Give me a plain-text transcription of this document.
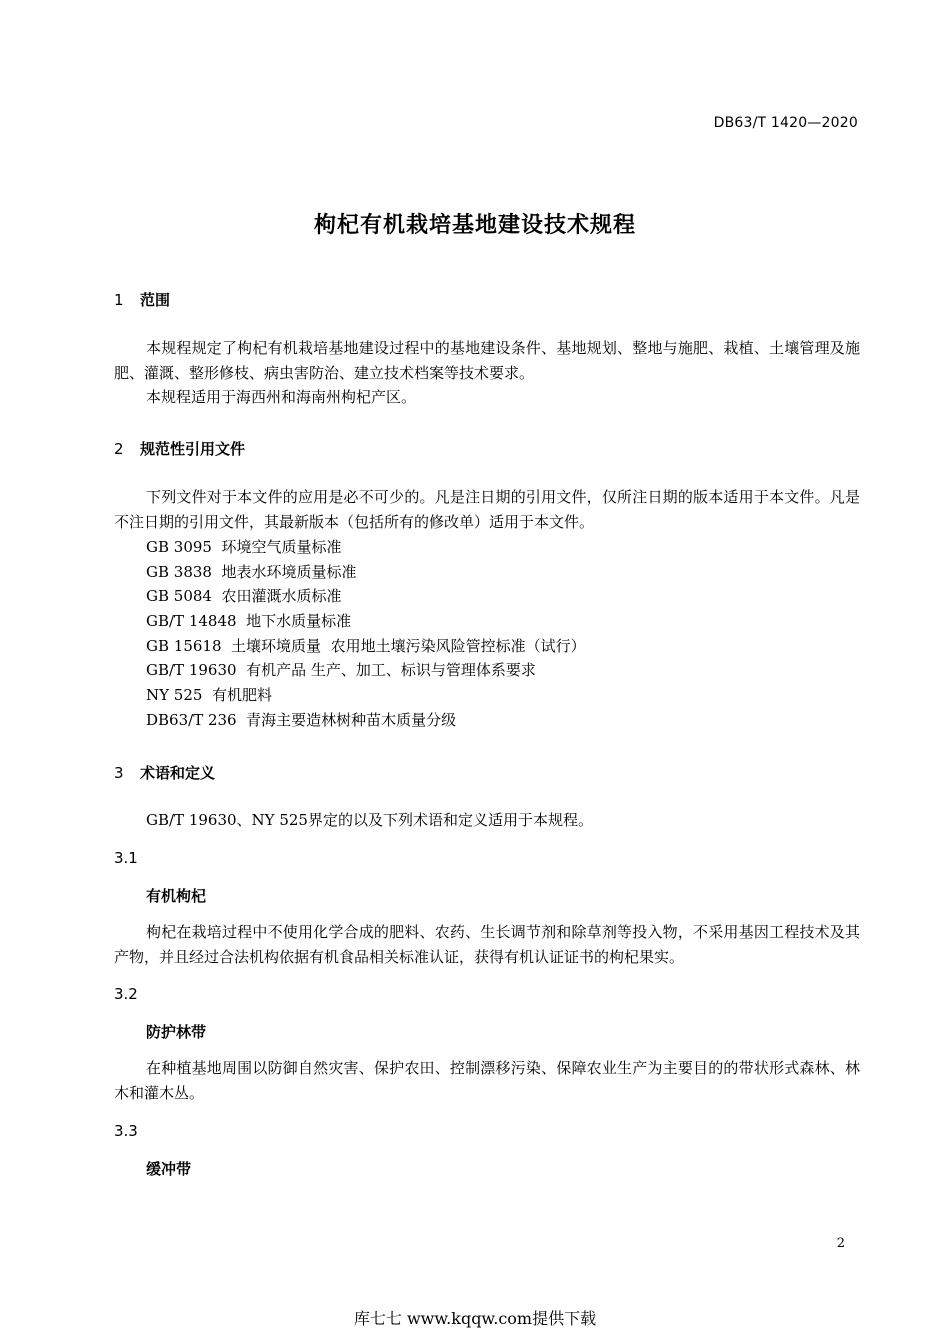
DB63/T 1420—2020
枸杞有机栽培基地建设技术规程
1 范围
本规程规定了枸杞有机栽培基地建设过程中的基地建设条件、基地规划、整地与施肥、栽植、土壤管理及施肥、灌溉、整形修枝、病虫害防治、建立技术档案等技术要求。
本规程适用于海西州和海南州枸杞产区。
2 规范性引用文件
下列文件对于本文件的应用是必不可少的。凡是注日期的引用文件，仅所注日期的版本适用于本文件。凡是不注日期的引用文件，其最新版本（包括所有的修改单）适用于本文件。
GB 3095  环境空气质量标准
GB 3838  地表水环境质量标准
GB 5084  农田灌溉水质标准
GB/T 14848  地下水质量标准
GB 15618  土壤环境质量  农用地土壤污染风险管控标准（试行）
GB/T 19630  有机产品 生产、加工、标识与管理体系要求
NY 525  有机肥料
DB63/T 236  青海主要造林树种苗木质量分级
3 术语和定义
GB/T 19630、NY 525界定的以及下列术语和定义适用于本规程。
3.1
有机枸杞
枸杞在栽培过程中不使用化学合成的肥料、农药、生长调节剂和除草剂等投入物，不采用基因工程技术及其产物，并且经过合法机构依据有机食品相关标准认证，获得有机认证证书的枸杞果实。
3.2
防护林带
在种植基地周围以防御自然灾害、保护农田、控制漂移污染、保障农业生产为主要目的的带状形式森林、林木和灌木丛。
3.3
缓冲带
2
库七七 www.kqqw.com提供下载
